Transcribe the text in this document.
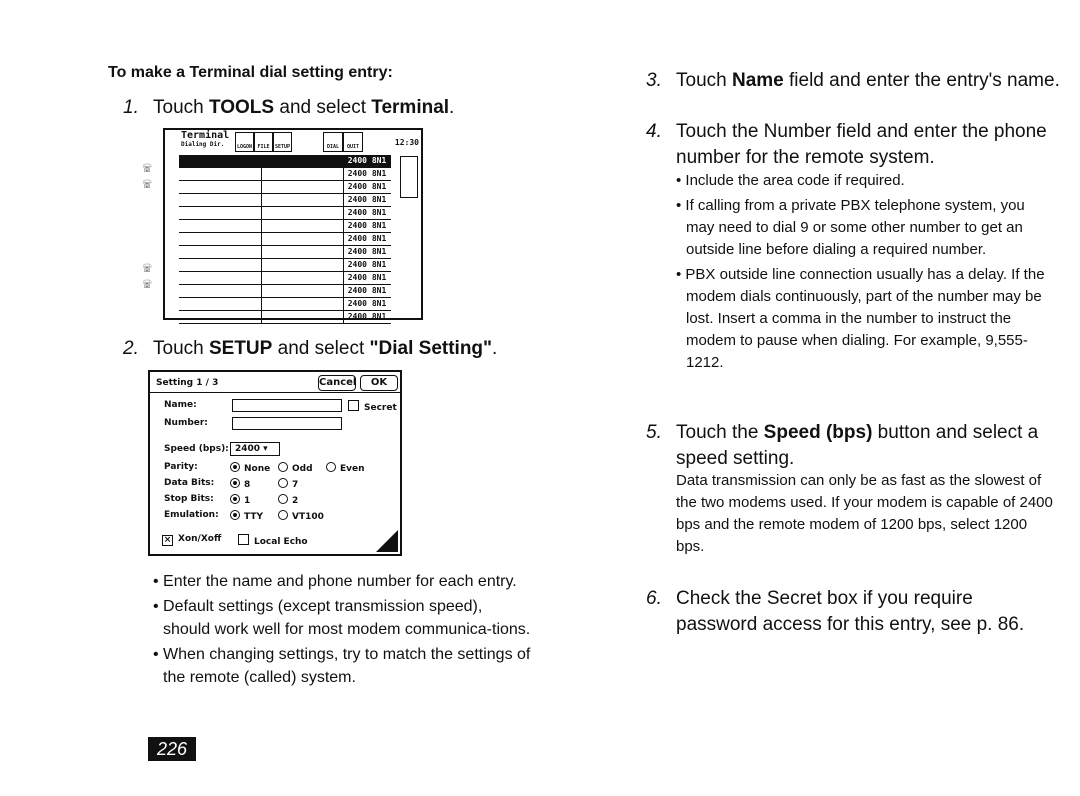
To make a Terminal dial setting entry:
1. Touch TOOLS and select Terminal.
Terminal
Dialing Dir.	LOGON	FILE	SETUP	DIAL	QUIT	12:30
☏
☏
☏
☏
2400 8N1
2400 8N1
2400 8N1
2400 8N1
2400 8N1
2400 8N1
2400 8N1
2400 8N1
2400 8N1
2400 8N1
2400 8N1
2400 8N1
2400 8N1
2. Touch SETUP and select "Dial Setting".
Setting 1 / 3	Cancel	OK
Name:	Secret
Number:
Speed (bps): 2400 ▾
Parity:	None	Odd	Even
Data Bits:	8	7
Stop Bits:	1	2
Emulation:	TTY	VT100
× Xon/Xoff	Local Echo
• Enter the name and phone number for each entry.
• Default settings (except transmission speed), should work well for most modem communica-tions.
• When changing settings, try to match the settings of the remote (called) system.
226
3. Touch Name field and enter the entry's name.
4. Touch the Number field and enter the phone number for the remote system.
• Include the area code if required.
• If calling from a private PBX telephone system, you may need to dial 9 or some other number to get an outside line before dialing a required number.
• PBX outside line connection usually has a delay. If the modem dials continuously, part of the number may be lost. Insert a comma in the number to instruct the modem to pause when dialing. For example, 9,555-1212.
5. Touch the Speed (bps) button and select a speed setting.
Data transmission can only be as fast as the slowest of the two modems used. If your modem is capable of 2400 bps and the remote modem of 1200 bps, select 1200 bps.
6. Check the Secret box if you require password access for this entry, see p. 86.
